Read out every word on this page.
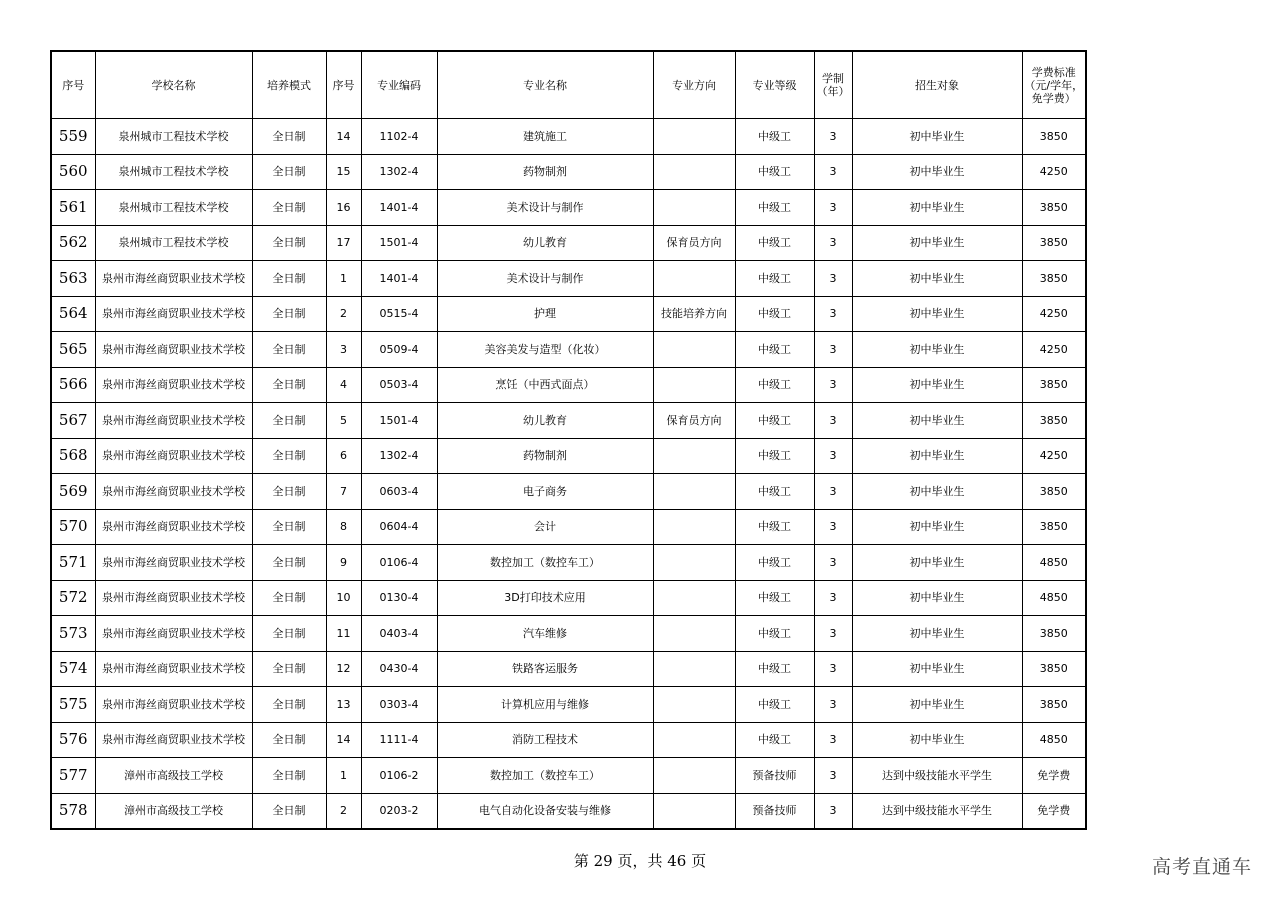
序号	学校名称	培养模式	序号	专业编码	专业名称	专业方向	专业等级	学制（年）	招生对象	学费标准（元/学年，免学费）
559	泉州城市工程技术学校	全日制	14	1102-4	建筑施工		中级工	3	初中毕业生	3850
560	泉州城市工程技术学校	全日制	15	1302-4	药物制剂		中级工	3	初中毕业生	4250
561	泉州城市工程技术学校	全日制	16	1401-4	美术设计与制作		中级工	3	初中毕业生	3850
562	泉州城市工程技术学校	全日制	17	1501-4	幼儿教育	保育员方向	中级工	3	初中毕业生	3850
563	泉州市海丝商贸职业技术学校	全日制	1	1401-4	美术设计与制作		中级工	3	初中毕业生	3850
564	泉州市海丝商贸职业技术学校	全日制	2	0515-4	护理	技能培养方向	中级工	3	初中毕业生	4250
565	泉州市海丝商贸职业技术学校	全日制	3	0509-4	美容美发与造型（化妆）		中级工	3	初中毕业生	4250
566	泉州市海丝商贸职业技术学校	全日制	4	0503-4	烹饪（中西式面点）		中级工	3	初中毕业生	3850
567	泉州市海丝商贸职业技术学校	全日制	5	1501-4	幼儿教育	保育员方向	中级工	3	初中毕业生	3850
568	泉州市海丝商贸职业技术学校	全日制	6	1302-4	药物制剂		中级工	3	初中毕业生	4250
569	泉州市海丝商贸职业技术学校	全日制	7	0603-4	电子商务		中级工	3	初中毕业生	3850
570	泉州市海丝商贸职业技术学校	全日制	8	0604-4	会计		中级工	3	初中毕业生	3850
571	泉州市海丝商贸职业技术学校	全日制	9	0106-4	数控加工（数控车工）		中级工	3	初中毕业生	4850
572	泉州市海丝商贸职业技术学校	全日制	10	0130-4	3D打印技术应用		中级工	3	初中毕业生	4850
573	泉州市海丝商贸职业技术学校	全日制	11	0403-4	汽车维修		中级工	3	初中毕业生	3850
574	泉州市海丝商贸职业技术学校	全日制	12	0430-4	铁路客运服务		中级工	3	初中毕业生	3850
575	泉州市海丝商贸职业技术学校	全日制	13	0303-4	计算机应用与维修		中级工	3	初中毕业生	3850
576	泉州市海丝商贸职业技术学校	全日制	14	1111-4	消防工程技术		中级工	3	初中毕业生	4850
577	漳州市高级技工学校	全日制	1	0106-2	数控加工（数控车工）		预备技师	3	达到中级技能水平学生	免学费
578	漳州市高级技工学校	全日制	2	0203-2	电气自动化设备安装与维修		预备技师	3	达到中级技能水平学生	免学费
第 29 页，共 46 页	高考直通车
